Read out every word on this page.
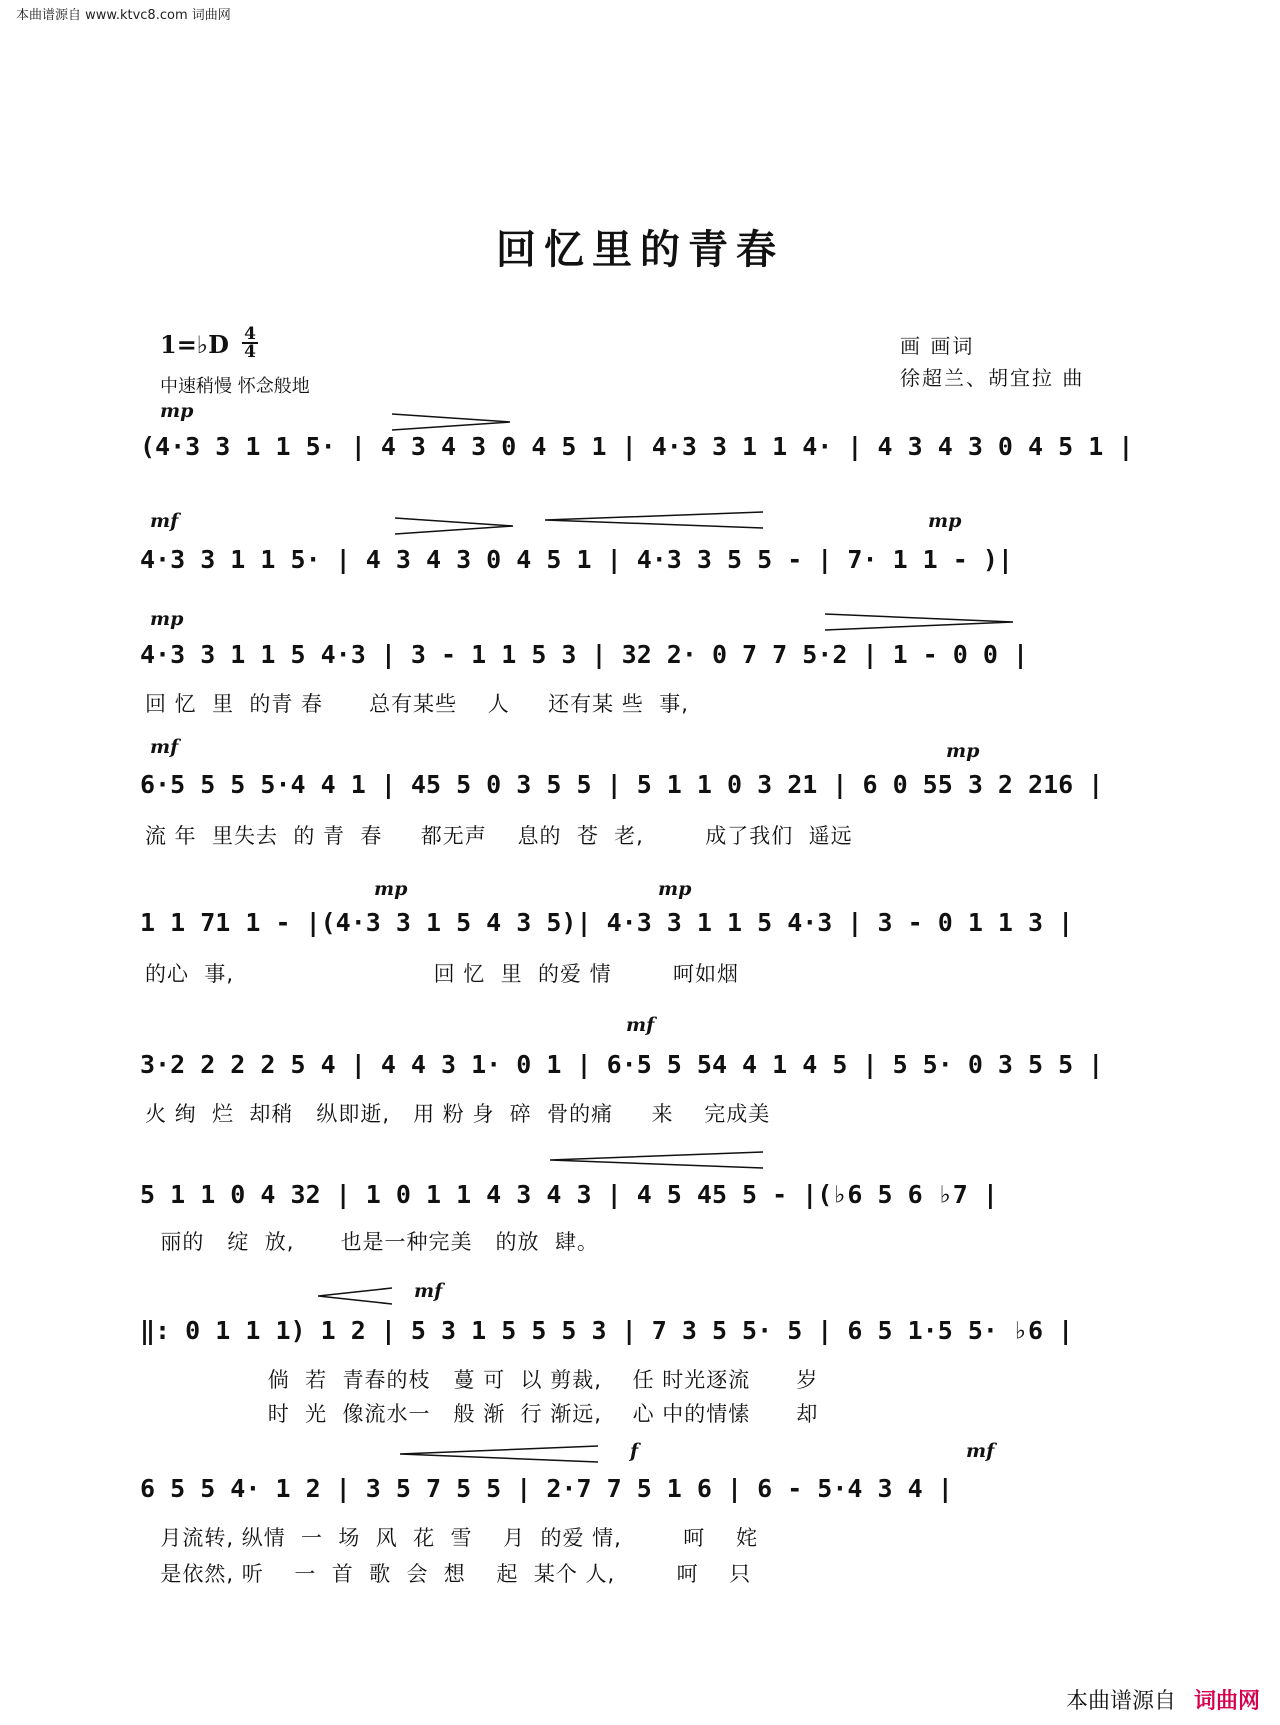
本曲谱源自 www.ktvc8.com 词曲网
回忆里的青春
1=♭D 4
4
中速稍慢 怀念般地
画 画词
徐超兰、胡宜拉 曲
mp
(4·3 3 1 1 5· | 4 3 4 3 0 4 5 1 | 4·3 3 1 1 4· | 4 3 4 3 0 4 5 1 |
mf	mp
4·3 3 1 1 5· | 4 3 4 3 0 4 5 1 | 4·3 3 5 5 - | 7· 1 1 - )|
mp
4·3 3 1 1 5 4·3 | 3 - 1 1 5 3 | 32 2· 0 7 7 5·2 | 1 - 0 0 |
回 忆  里  的青 春      总有某些    人     还有某 些  事,
mf	mp
6·5 5 5 5·4 4 1 | 45 5 0 3 5 5 | 5 1 1 0 3 21 | 6 0 55 3 2 216 |
流 年  里失去  的 青  春     都无声    息的  苍  老,        成了我们  遥远
mp	mp
1 1 71 1 - |(4·3 3 1 5 4 3 5)| 4·3 3 1 1 5 4·3 | 3 - 0 1 1 3 |
的心  事,                          回 忆  里  的爱 情        呵如烟
mf
3·2 2 2 2 5 4 | 4 4 3 1· 0 1 | 6·5 5 54 4 1 4 5 | 5 5· 0 3 5 5 |
火 绚  烂  却稍   纵即逝,   用 粉 身  碎  骨的痛     来    完成美
5 1 1 0 4 32 | 1 0 1 1 4 3 4 3 | 4 5 45 5 - |(♭6 5 6 ♭7 |
丽的   绽  放,      也是一种完美   的放  肆。
mf
‖: 0 1 1 1) 1 2 | 5 3 1 5 5 5 3 | 7 3 5 5· 5 | 6 5 1·5 5· ♭6 |
倘  若  青春的枝   蔓 可  以 剪裁,    任 时光逐流      岁
时  光  像流水一   般 渐  行 渐远,    心 中的情愫      却
f	mf
6 5 5 4· 1 2 | 3 5 7 5 5 | 2·7 7 5 1 6 | 6 - 5·4 3 4 |
月流转, 纵情  一  场  风  花  雪    月  的爱 情,        呵    姹
是依然, 听    一  首  歌  会  想    起  某个 人,        呵    只
本曲谱源自 词曲网
